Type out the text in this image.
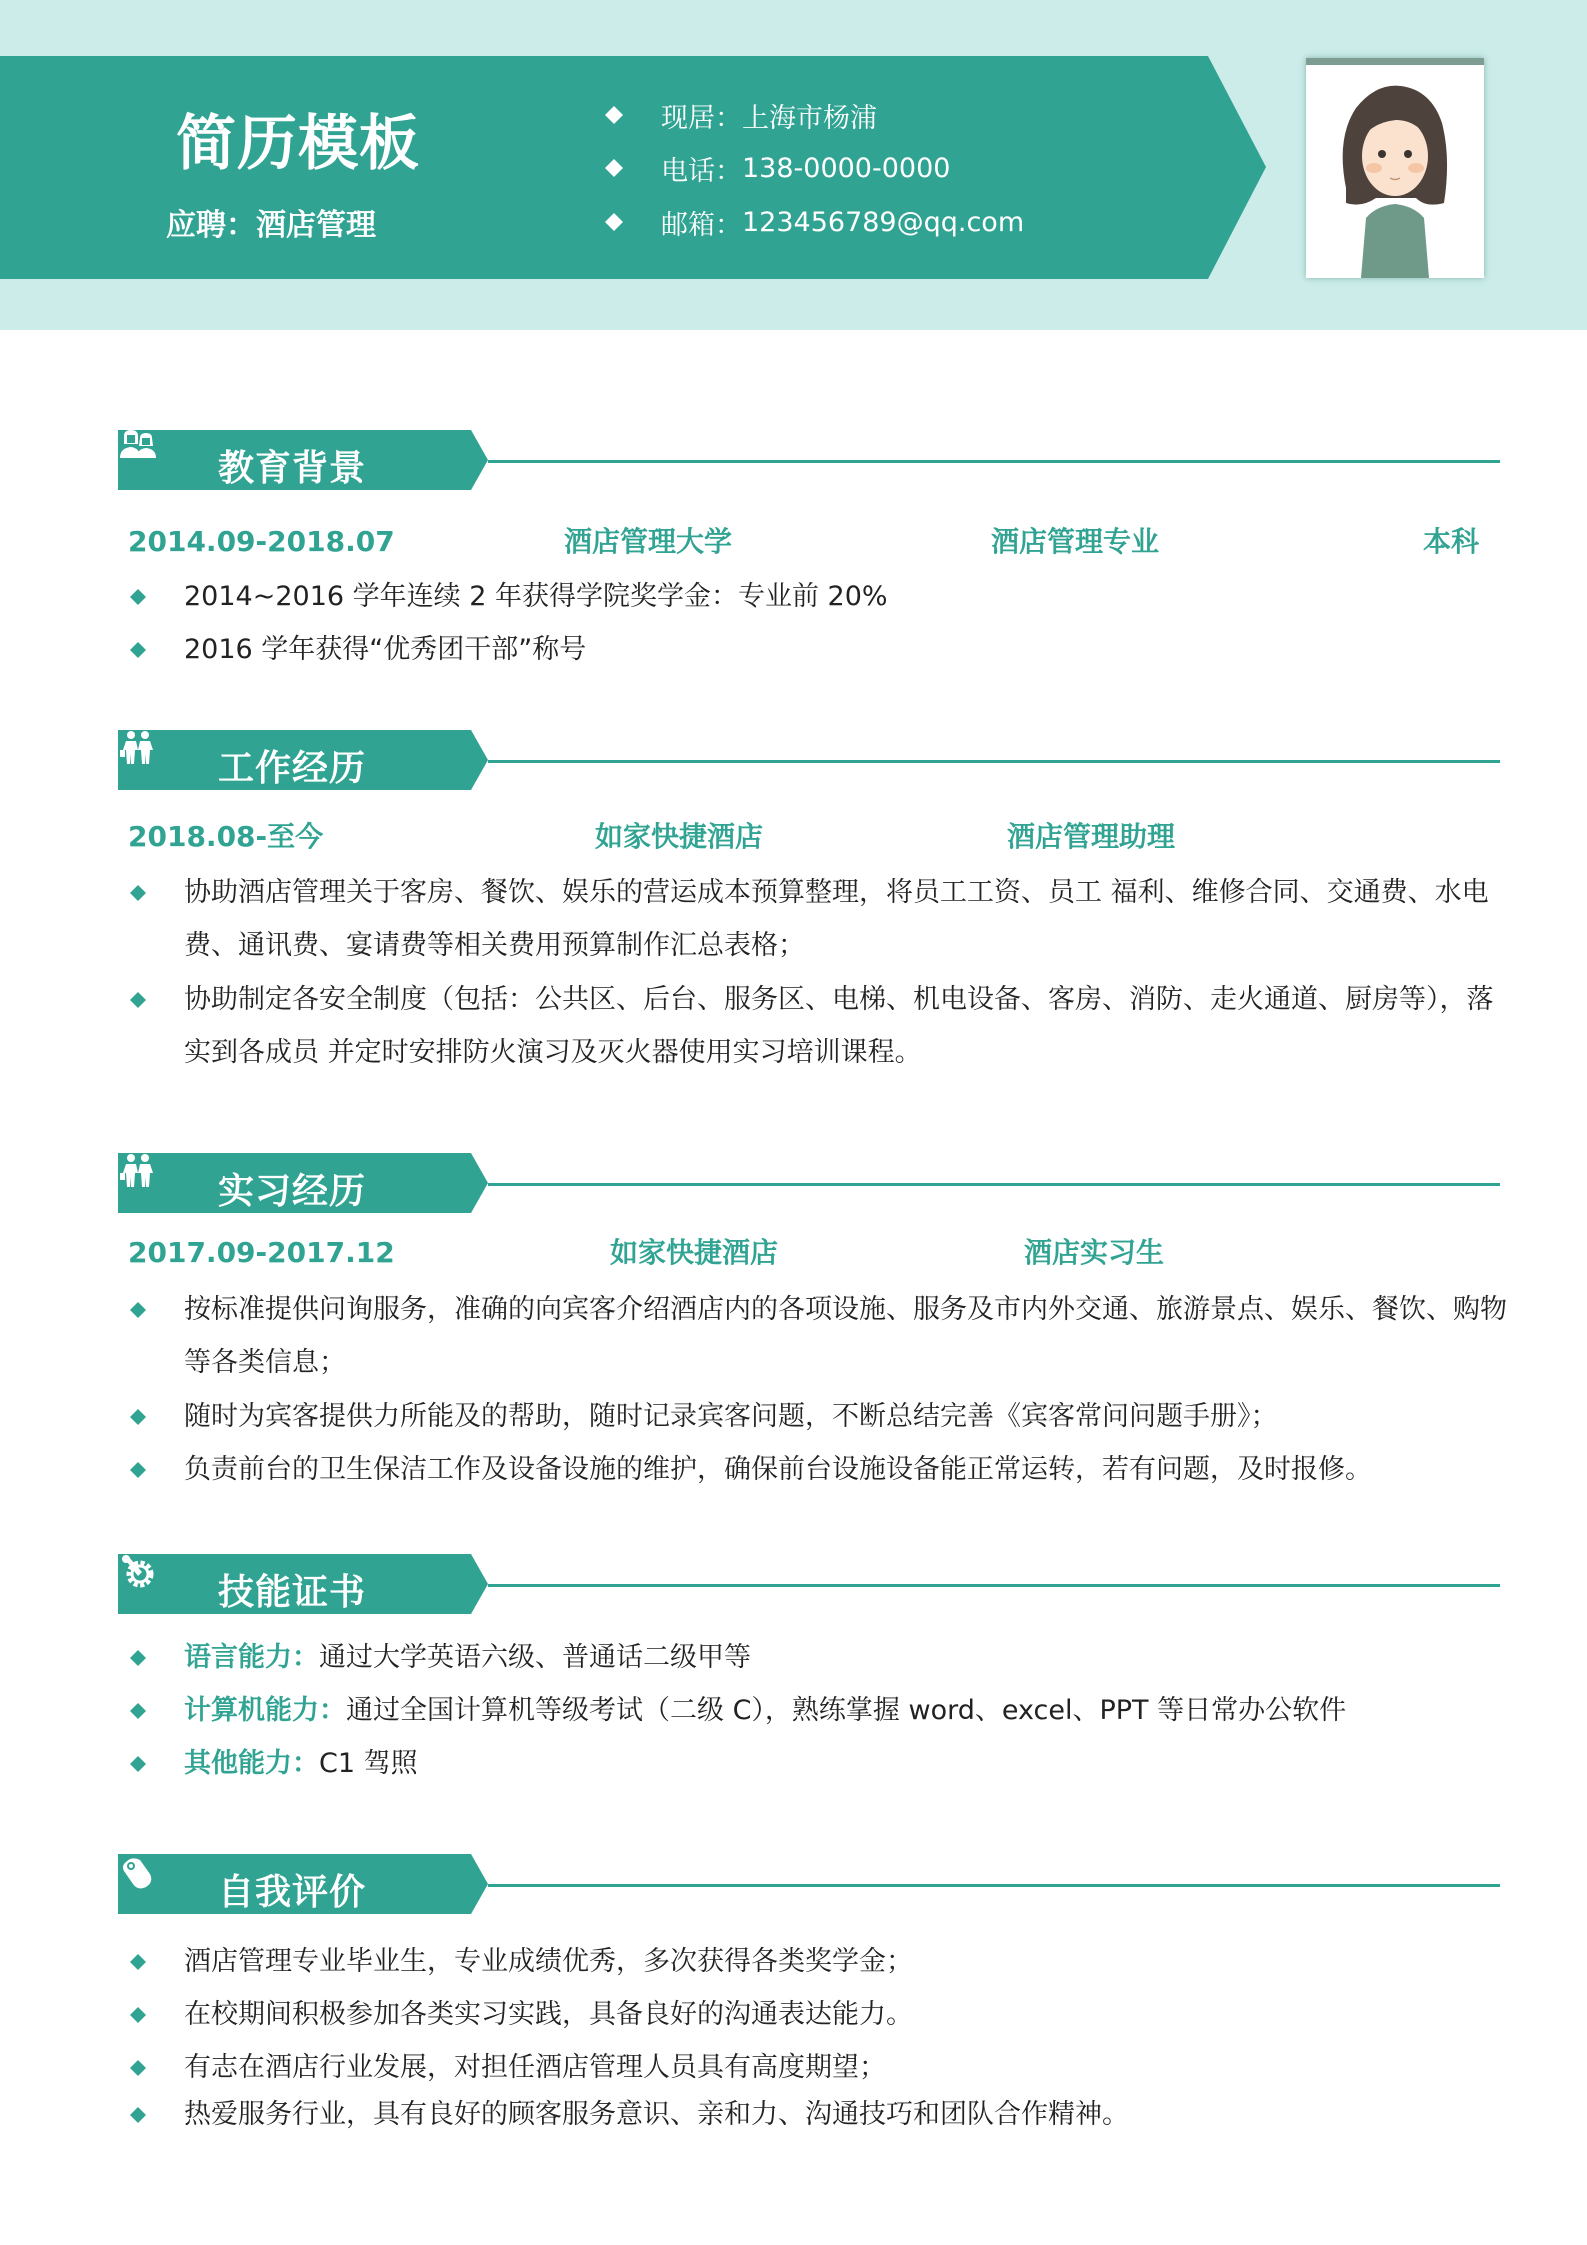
简历模板
应聘：酒店管理
现居： 上海市杨浦
电话： 138-0000-0000
邮箱： 123456789@qq.com
教育背景
2014.09-2018.07	酒店管理大学	酒店管理专业	本科
2014~2016 学年连续 2 年获得学院奖学金：专业前 20%
2016 学年获得“优秀团干部”称号
工作经历
2018.08-至今	如家快捷酒店	酒店管理助理
协助酒店管理关于客房、餐饮、娱乐的营运成本预算整理，将员工工资、员工 福利、维修合同、交通费、水电费、通讯费、宴请费等相关费用预算制作汇总表格；
协助制定各安全制度（包括：公共区、后台、服务区、电梯、机电设备、客房、消防、走火通道、厨房等），落实到各成员 并定时安排防火演习及灭火器使用实习培训课程。
实习经历
2017.09-2017.12	如家快捷酒店	酒店实习生
按标准提供问询服务，准确的向宾客介绍酒店内的各项设施、服务及市内外交通、旅游景点、娱乐、餐饮、购物等各类信息；
随时为宾客提供力所能及的帮助，随时记录宾客问题，不断总结完善《宾客常问问题手册》；
负责前台的卫生保洁工作及设备设施的维护，确保前台设施设备能正常运转，若有问题，及时报修。
技能证书
语言能力：通过大学英语六级、普通话二级甲等
计算机能力：通过全国计算机等级考试（二级 C），熟练掌握 word、excel、PPT 等日常办公软件
其他能力：C1 驾照
自我评价
酒店管理专业毕业生，专业成绩优秀，多次获得各类奖学金；
在校期间积极参加各类实习实践，具备良好的沟通表达能力。
有志在酒店行业发展，对担任酒店管理人员具有高度期望；
热爱服务行业，具有良好的顾客服务意识、亲和力、沟通技巧和团队合作精神。
